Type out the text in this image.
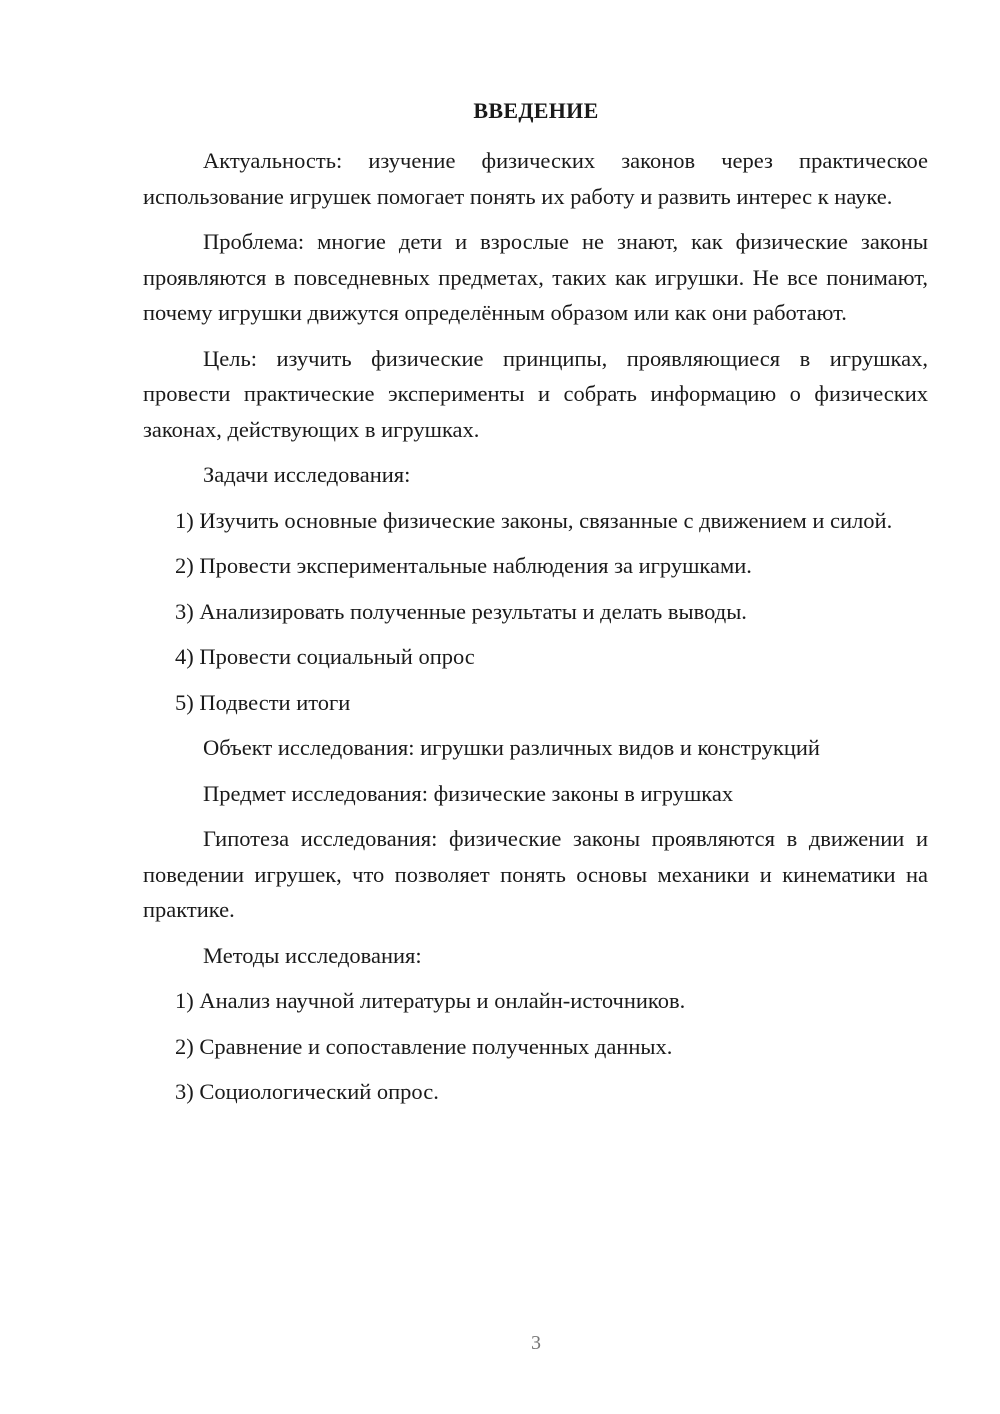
ВВЕДЕНИЕ

Актуальность: изучение физических законов через практическое использование игрушек помогает понять их работу и развить интерес к науке.

Проблема: многие дети и взрослые не знают, как физические законы проявляются в повседневных предметах, таких как игрушки. Не все понимают, почему игрушки движутся определённым образом или как они работают.

Цель: изучить физические принципы, проявляющиеся в игрушках, провести практические эксперименты и собрать информацию о физических законах, действующих в игрушках.

Задачи исследования:

1) Изучить основные физические законы, связанные с движением и силой.

2) Провести экспериментальные наблюдения за игрушками.

3) Анализировать полученные результаты и делать выводы.

4) Провести социальный опрос

5) Подвести итоги

Объект исследования: игрушки различных видов и конструкций

Предмет исследования: физические законы в игрушках

Гипотеза исследования: физические законы проявляются в движении и поведении игрушек, что позволяет понять основы механики и кинематики на практике.

Методы исследования:

1) Анализ научной литературы и онлайн-источников.

2) Сравнение и сопоставление полученных данных.

3) Социологический опрос.

3
